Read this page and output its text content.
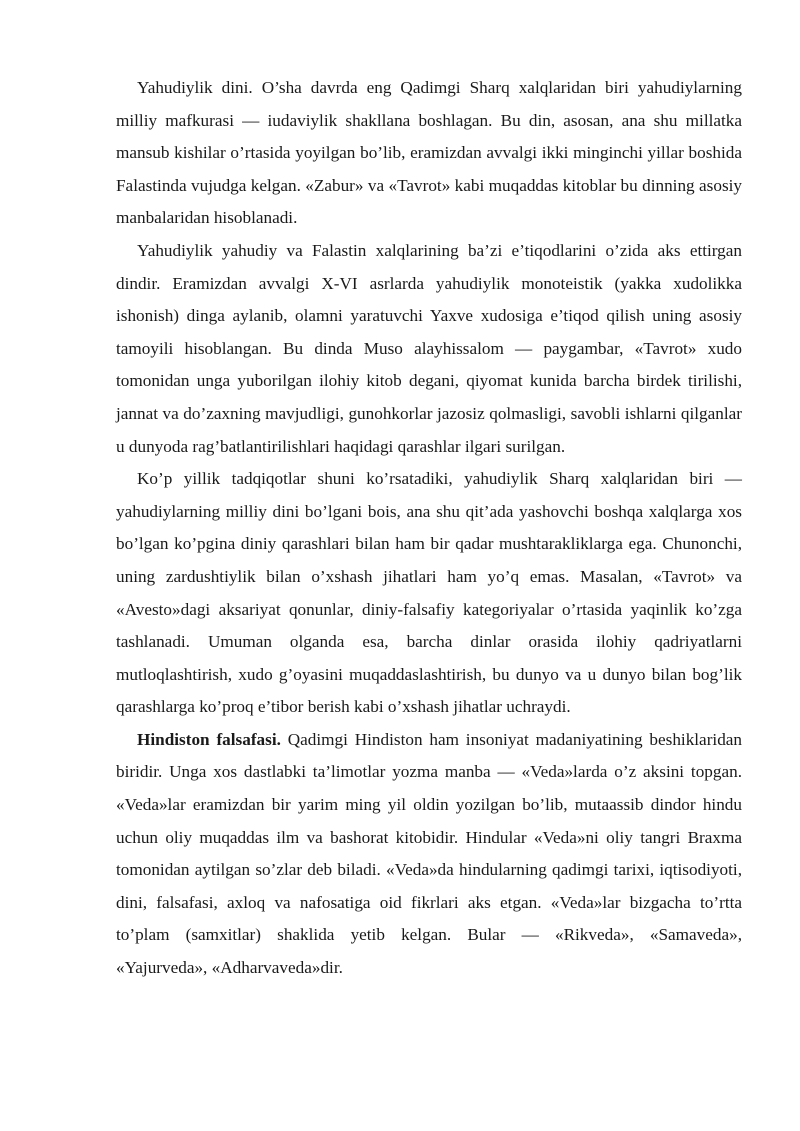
Yahudiylik dini. O’sha davrda eng Qadimgi Sharq xalqlaridan biri yahudiylarning milliy mafkurasi — iudaviylik shakllana boshlagan. Bu din, asosan, ana shu millatka mansub kishilar o’rtasida yoyilgan bo’lib, eramizdan avvalgi ikki minginchi yillar boshida Falastinda vujudga kelgan. «Zabur» va «Tavrot» kabi muqaddas kitoblar bu dinning asosiy manbalaridan hisoblanadi.

Yahudiylik yahudiy va Falastin xalqlarining ba’zi e’tiqodlarini o’zida aks ettirgan dindir. Eramizdan avvalgi X-VI asrlarda yahudiylik monoteistik (yakka xudolikka ishonish) dinga aylanib, olamni yaratuvchi Yaxve xudosiga e’tiqod qilish uning asosiy tamoyili hisoblangan. Bu dinda Muso alayhissalom — paygambar, «Tavrot» xudo tomonidan unga yuborilgan ilohiy kitob degani, qiyomat kunida barcha birdek tirilishi, jannat va do’zaxning mavjudligi, gunohkorlar jazosiz qolmasligi, savobli ishlarni qilganlar u dunyoda rag’batlantirilishlari haqidagi qarashlar ilgari surilgan.

Ko’p yillik tadqiqotlar shuni ko’rsatadiki, yahudiylik Sharq xalqlaridan biri — yahudiylarning milliy dini bo’lgani bois, ana shu qit’ada yashovchi boshqa xalqlarga xos bo’lgan ko’pgina diniy qarashlari bilan ham bir qadar mushtarakliklarga ega. Chunonchi, uning zardushtiylik bilan o’xshash jihatlari ham yo’q emas. Masalan, «Tavrot» va «Avesto»dagi aksariyat qonunlar, diniy-falsafiy kategoriyalar o’rtasida yaqinlik ko’zga tashlanadi. Umuman olganda esa, barcha dinlar orasida ilohiy qadriyatlarni mutloqlashtirish, xudo g’oyasini muqaddaslashtirish, bu dunyo va u dunyo bilan bog’lik qarashlarga ko’proq e’tibor berish kabi o’xshash jihatlar uchraydi.

Hindiston falsafasi. Qadimgi Hindiston ham insoniyat madaniyatining beshiklaridan biridir. Unga xos dastlabki ta’limotlar yozma manba — «Veda»larda o’z aksini topgan. «Veda»lar eramizdan bir yarim ming yil oldin yozilgan bo’lib, mutaassib dindor hindu uchun oliy muqaddas ilm va bashorat kitobidir. Hindular «Veda»ni oliy tangri Braxma tomonidan aytilgan so’zlar deb biladi. «Veda»da hindularning qadimgi tarixi, iqtisodiyoti, dini, falsafasi, axloq va nafosatiga oid fikrlari aks etgan. «Veda»lar bizgacha to’rtta to’plam (samxitlar) shaklida yetib kelgan. Bular — «Rikveda», «Samaveda», «Yajurveda», «Adharvaveda»dir.
